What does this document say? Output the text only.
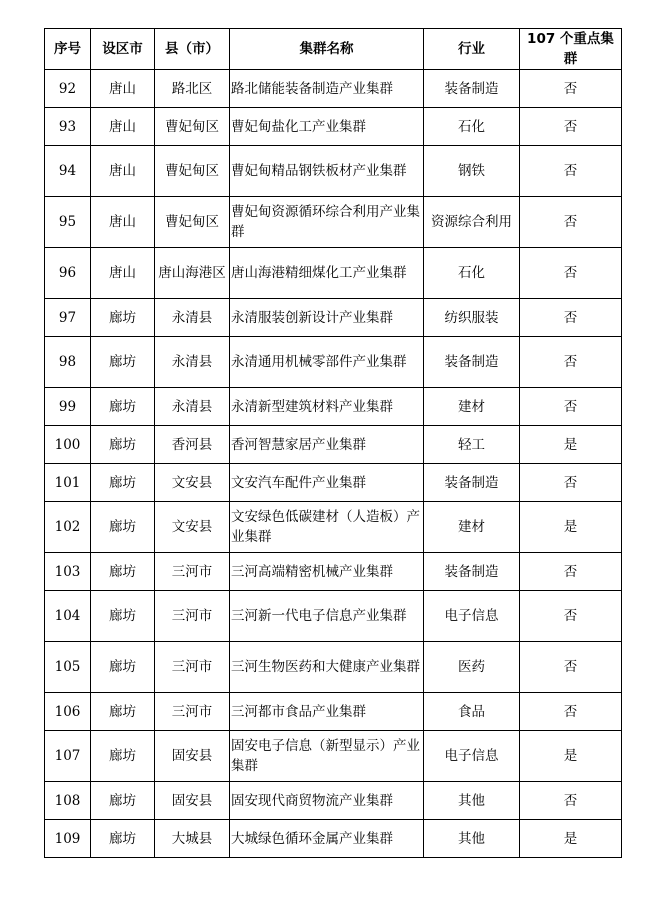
序号	设区市	县（市）	集群名称	行业	107 个重点集群
92	唐山	路北区	路北储能装备制造产业集群	装备制造	否
93	唐山	曹妃甸区	曹妃甸盐化工产业集群	石化	否
94	唐山	曹妃甸区	曹妃甸精品钢铁板材产业集群	钢铁	否
95	唐山	曹妃甸区	曹妃甸资源循环综合利用产业集群	资源综合利用	否
96	唐山	唐山海港区	唐山海港精细煤化工产业集群	石化	否
97	廊坊	永清县	永清服装创新设计产业集群	纺织服装	否
98	廊坊	永清县	永清通用机械零部件产业集群	装备制造	否
99	廊坊	永清县	永清新型建筑材料产业集群	建材	否
100	廊坊	香河县	香河智慧家居产业集群	轻工	是
101	廊坊	文安县	文安汽车配件产业集群	装备制造	否
102	廊坊	文安县	文安绿色低碳建材（人造板）产业集群	建材	是
103	廊坊	三河市	三河高端精密机械产业集群	装备制造	否
104	廊坊	三河市	三河新一代电子信息产业集群	电子信息	否
105	廊坊	三河市	三河生物医药和大健康产业集群	医药	否
106	廊坊	三河市	三河都市食品产业集群	食品	否
107	廊坊	固安县	固安电子信息（新型显示）产业集群	电子信息	是
108	廊坊	固安县	固安现代商贸物流产业集群	其他	否
109	廊坊	大城县	大城绿色循环金属产业集群	其他	是
